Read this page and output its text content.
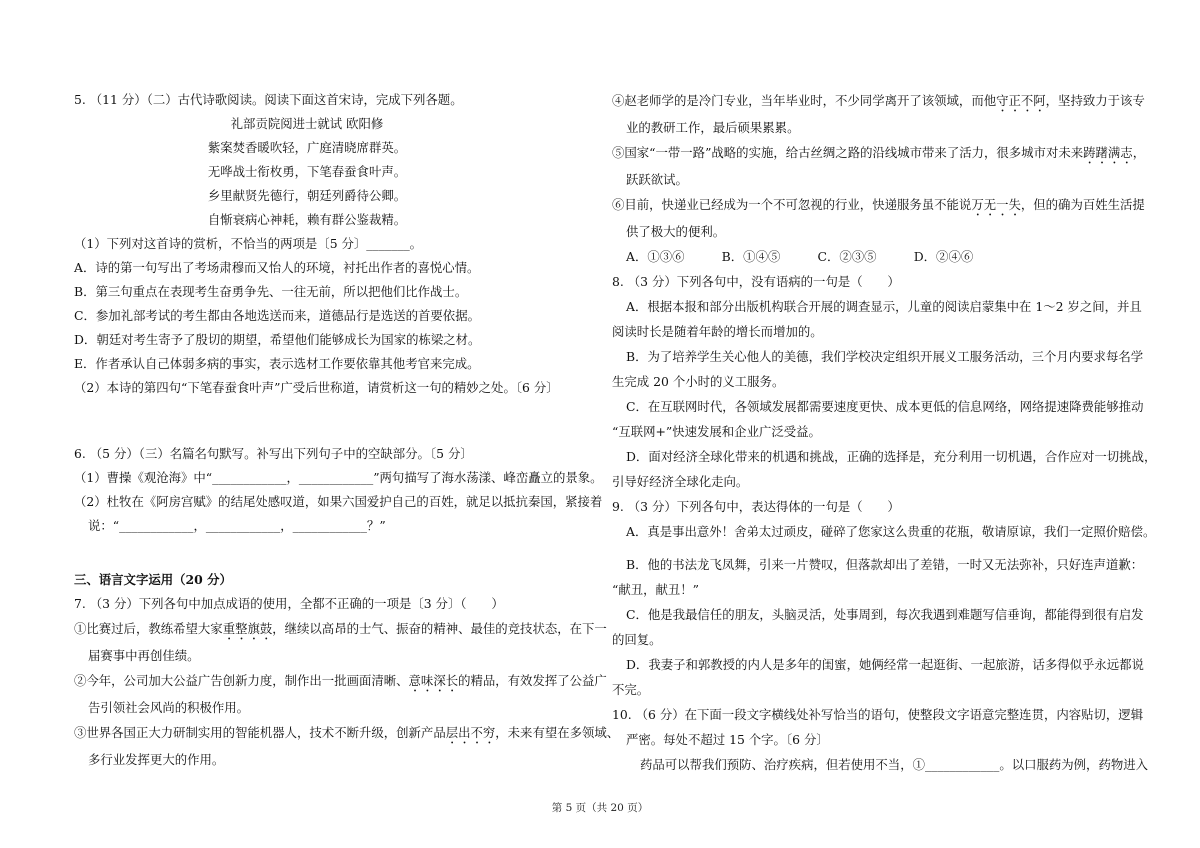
5. （11 分）（二）古代诗歌阅读。阅读下面这首宋诗，完成下列各题。

礼部贡院阅进士就试 欧阳修

紫案焚香暖吹轻，广庭清晓席群英。

无哗战士衔枚勇，下笔春蚕食叶声。

乡里献贤先德行，朝廷列爵待公卿。

自惭衰病心神耗，赖有群公鉴裁精。

（1）下列对这首诗的赏析，不恰当的两项是〔5 分〕_______。

A．诗的第一句写出了考场肃穆而又怡人的环境，衬托出作者的喜悦心情。

B．第三句重点在表现考生奋勇争先、一往无前，所以把他们比作战士。

C．参加礼部考试的考生都由各地选送而来，道德品行是选送的首要依据。

D．朝廷对考生寄予了殷切的期望，希望他们能够成长为国家的栋梁之材。

E．作者承认自己体弱多病的事实，表示选材工作要依靠其他考官来完成。

（2）本诗的第四句“下笔春蚕食叶声”广受后世称道，请赏析这一句的精妙之处。〔6 分〕

6. （5 分）（三）名篇名句默写。补写出下列句子中的空缺部分。〔5 分〕

（1）曹操《观沧海》中“____________，____________”两句描写了海水荡漾、峰峦矗立的景象。

（2）杜牧在《阿房宫赋》的结尾处感叹道，如果六国爱护自己的百姓，就足以抵抗秦国，紧接着

说：“____________，____________，____________？”

三、语言文字运用（20 分）

7. （3 分）下列各句中加点成语的使用，全都不正确的一项是〔3 分〕（　　）

①比赛过后，教练希望大家重整旗鼓，继续以高昂的士气、振奋的精神、最佳的竞技状态，在下一

届赛事中再创佳绩。

②今年，公司加大公益广告创新力度，制作出一批画面清晰、意味深长的精品，有效发挥了公益广

告引领社会风尚的积极作用。

③世界各国正大力研制实用的智能机器人，技术不断升级，创新产品层出不穷，未来有望在多领域、

多行业发挥更大的作用。

④赵老师学的是冷门专业，当年毕业时，不少同学离开了该领域，而他守正不阿，坚持致力于该专

业的教研工作，最后硕果累累。

⑤国家“一带一路”战略的实施，给古丝绸之路的沿线城市带来了活力，很多城市对未来踌躇满志，

跃跃欲试。

⑥目前，快递业已经成为一个不可忽视的行业，快递服务虽不能说万无一失，但的确为百姓生活提

供了极大的便利。

A．①③⑥　　　B．①④⑤　　　C．②③⑤　　　D．②④⑥

8. （3 分）下列各句中，没有语病的一句是（　　）

A．根据本报和部分出版机构联合开展的调查显示，儿童的阅读启蒙集中在 1～2 岁之间，并且

阅读时长是随着年龄的增长而增加的。

B．为了培养学生关心他人的美德，我们学校决定组织开展义工服务活动，三个月内要求每名学

生完成 20 个小时的义工服务。

C．在互联网时代，各领域发展都需要速度更快、成本更低的信息网络，网络提速降费能够推动

“互联网+”快速发展和企业广泛受益。

D．面对经济全球化带来的机遇和挑战，正确的选择是，充分利用一切机遇，合作应对一切挑战，

引导好经济全球化走向。

9. （3 分）下列各句中，表达得体的一句是（　　）

A．真是事出意外！舍弟太过顽皮，碰碎了您家这么贵重的花瓶，敬请原谅，我们一定照价赔偿。

B．他的书法龙飞凤舞，引来一片赞叹，但落款却出了差错，一时又无法弥补，只好连声道歉：

“献丑，献丑！”

C．他是我最信任的朋友，头脑灵活，处事周到，每次我遇到难题写信垂询，都能得到很有启发

的回复。

D．我妻子和郭教授的内人是多年的闺蜜，她俩经常一起逛街、一起旅游，话多得似乎永远都说

不完。

10. （6 分）在下面一段文字横线处补写恰当的语句，使整段文字语意完整连贯，内容贴切，逻辑

严密。每处不超过 15 个字。〔6 分〕

药品可以帮我们预防、治疗疾病，但若使用不当，①____________。以口服药为例，药物进入

第 5 页（共 20 页）
